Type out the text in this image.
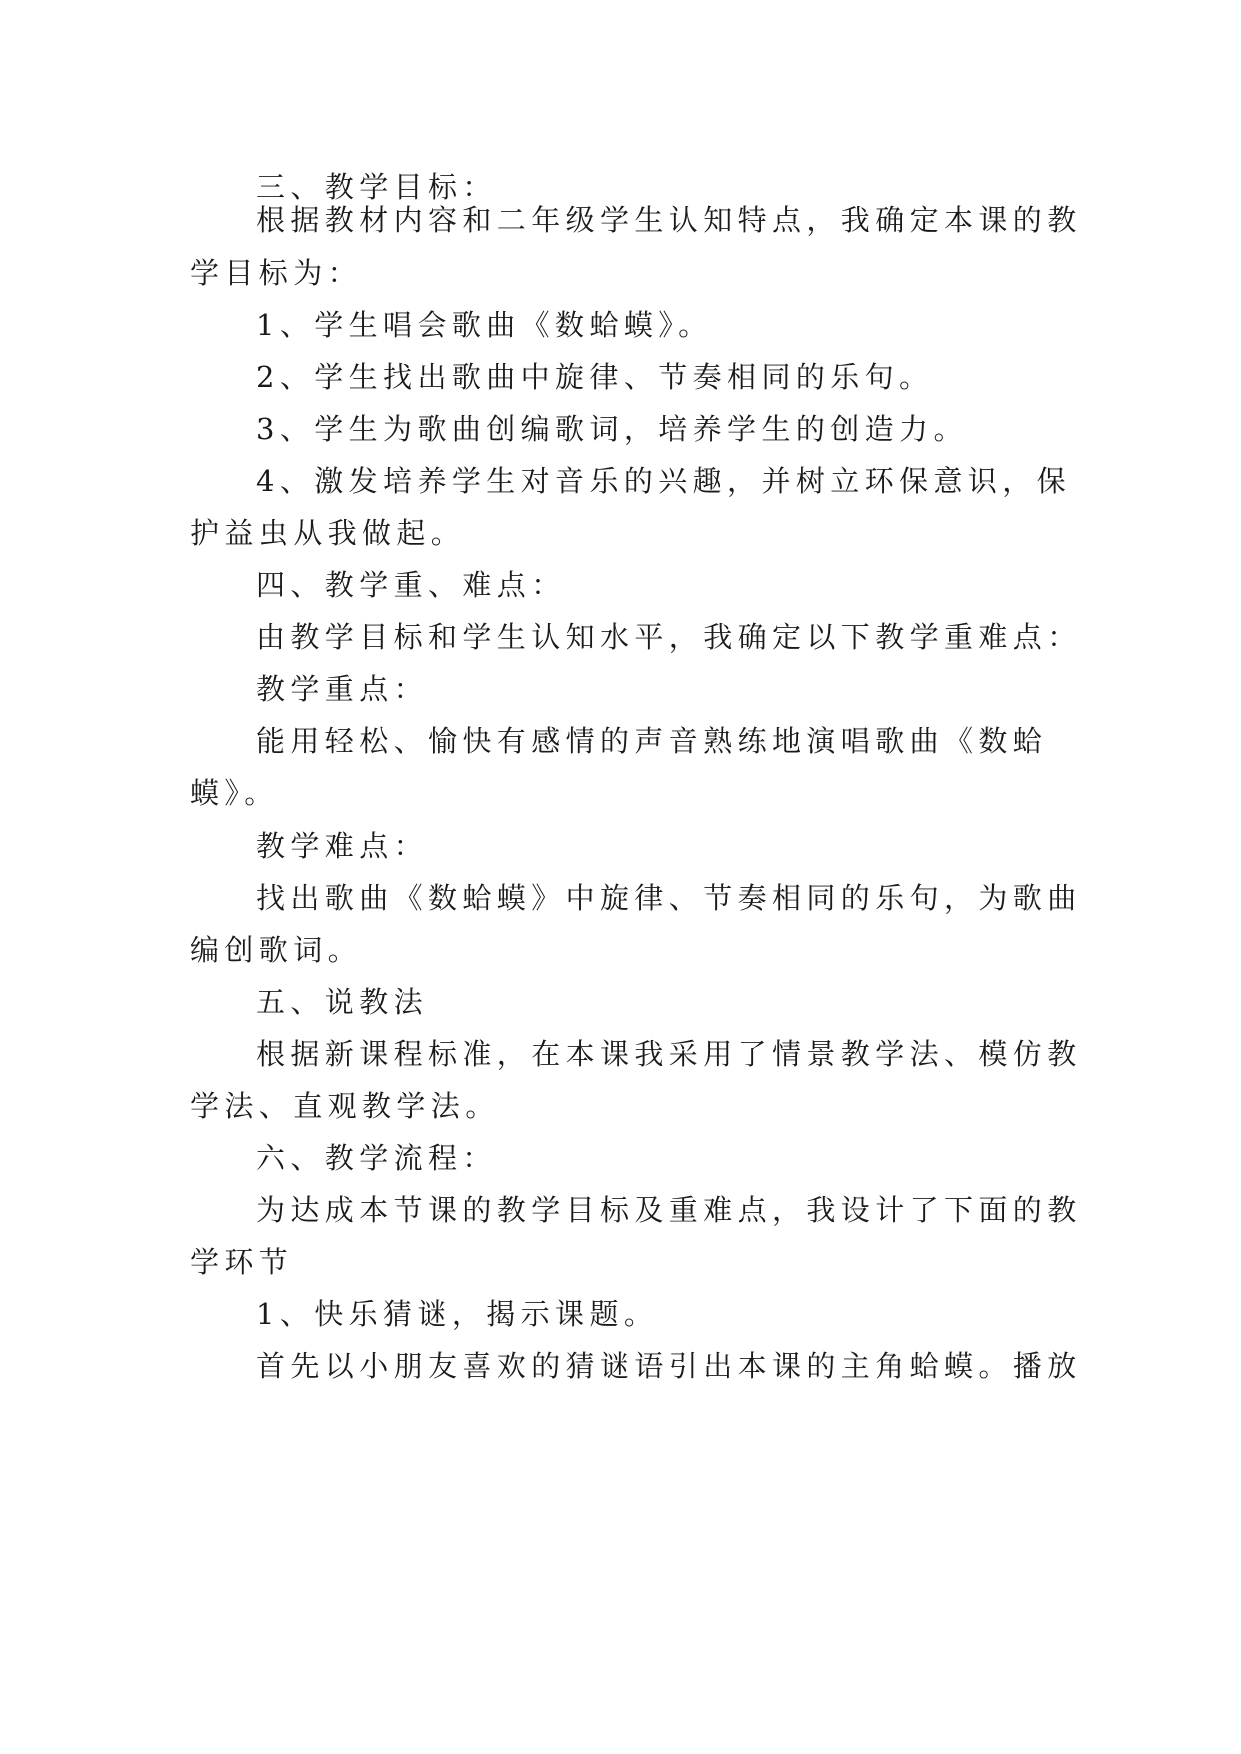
三、教学目标：
根据教材内容和二年级学生认知特点，我确定本课的教
学目标为：
1、学生唱会歌曲《数蛤蟆》。
2、学生找出歌曲中旋律、节奏相同的乐句。
3、学生为歌曲创编歌词，培养学生的创造力。
4、激发培养学生对音乐的兴趣，并树立环保意识，保
护益虫从我做起。
四、教学重、难点：
由教学目标和学生认知水平，我确定以下教学重难点：
教学重点：
能用轻松、愉快有感情的声音熟练地演唱歌曲《数蛤
蟆》。
教学难点：
找出歌曲《数蛤蟆》中旋律、节奏相同的乐句，为歌曲
编创歌词。
五、说教法
根据新课程标准，在本课我采用了情景教学法、模仿教
学法、直观教学法。
六、教学流程：
为达成本节课的教学目标及重难点，我设计了下面的教
学环节
1、快乐猜谜，揭示课题。
首先以小朋友喜欢的猜谜语引出本课的主角蛤蟆。播放
